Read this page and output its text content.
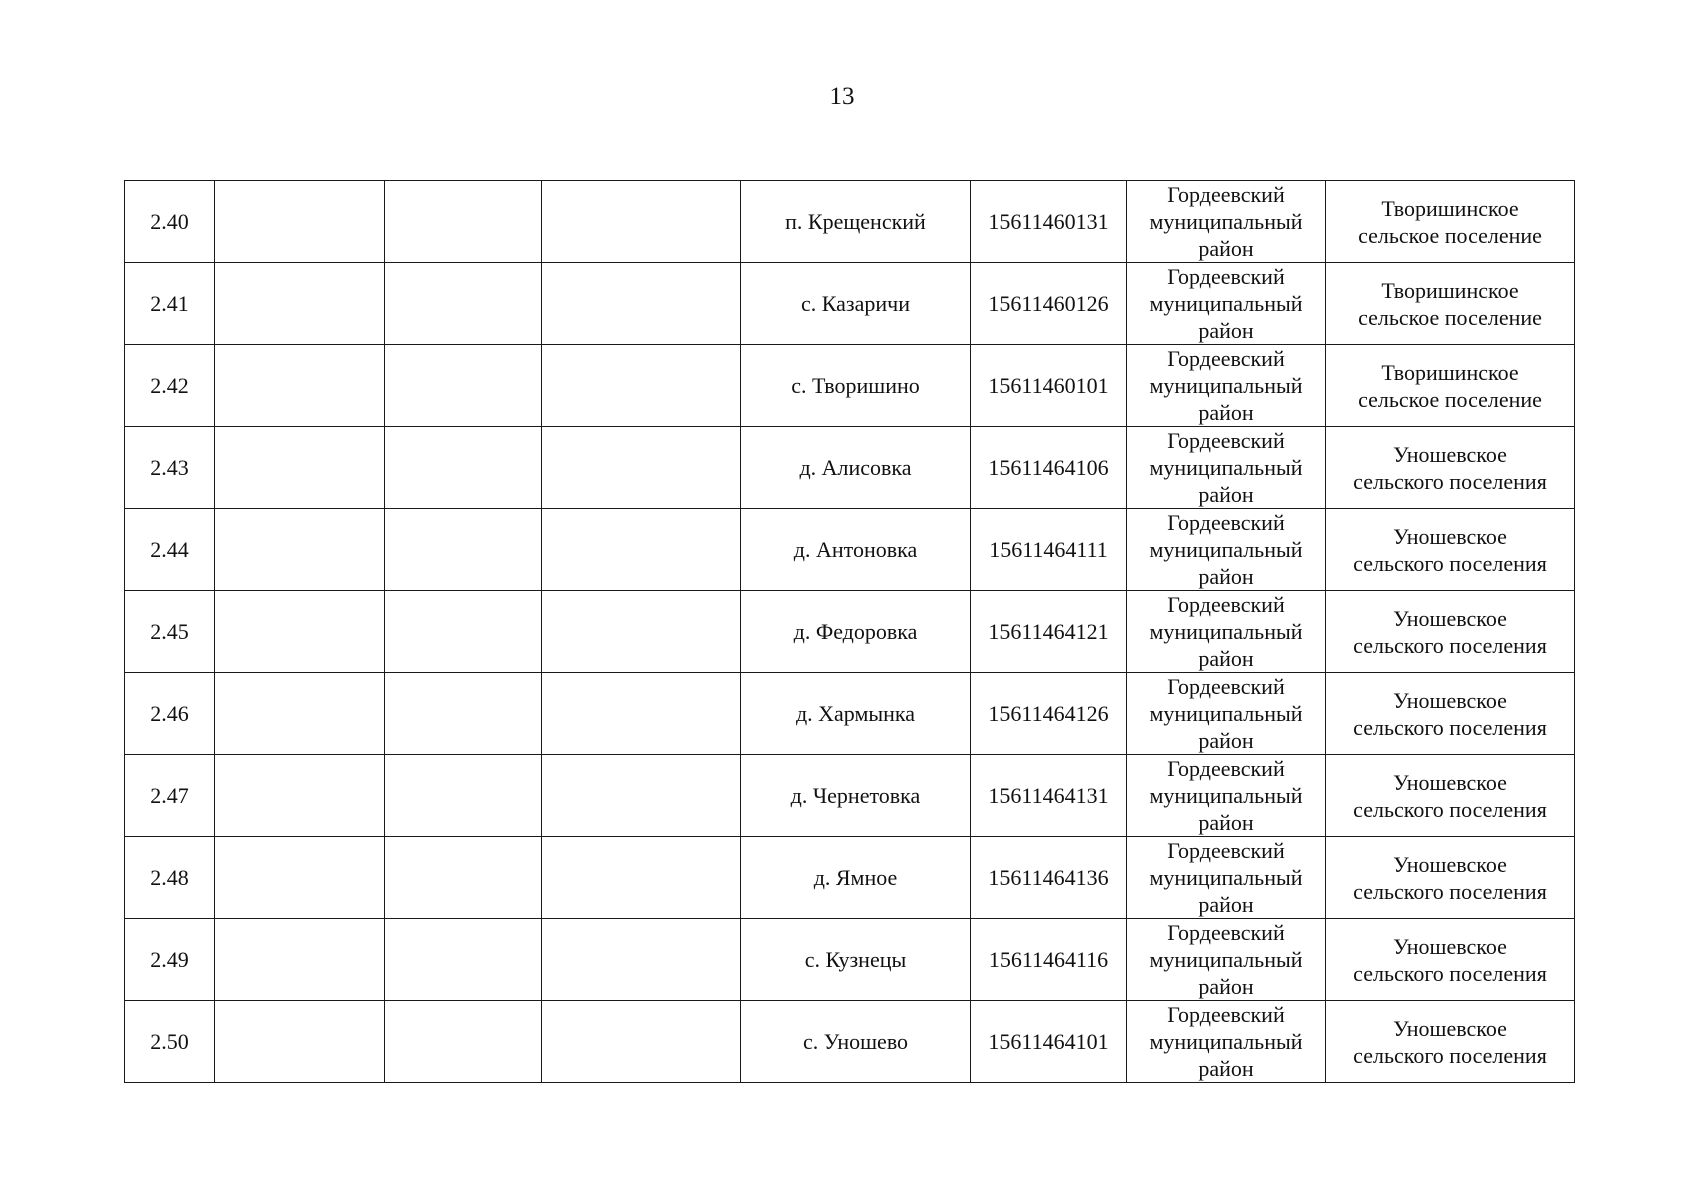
13
2.40				п. Крещенский	15611460131	Гордеевский
муниципальный
район	Творишинское
сельское поселение

2.41				с. Казаричи	15611460126	Гордеевский
муниципальный
район	Творишинское
сельское поселение

2.42				с. Творишино	15611460101	Гордеевский
муниципальный
район	Творишинское
сельское поселение

2.43				д. Алисовка	15611464106	Гордеевский
муниципальный
район	Уношевское
сельского поселения

2.44				д. Антоновка	15611464111	Гордеевский
муниципальный
район	Уношевское
сельского поселения

2.45				д. Федоровка	15611464121	Гордеевский
муниципальный
район	Уношевское
сельского поселения

2.46				д. Хармынка	15611464126	Гордеевский
муниципальный
район	Уношевское
сельского поселения

2.47				д. Чернетовка	15611464131	Гордеевский
муниципальный
район	Уношевское
сельского поселения

2.48				д. Ямное	15611464136	Гордеевский
муниципальный
район	Уношевское
сельского поселения

2.49				с. Кузнецы	15611464116	Гордеевский
муниципальный
район	Уношевское
сельского поселения

2.50				с. Уношево	15611464101	Гордеевский
муниципальный
район	Уношевское
сельского поселения
